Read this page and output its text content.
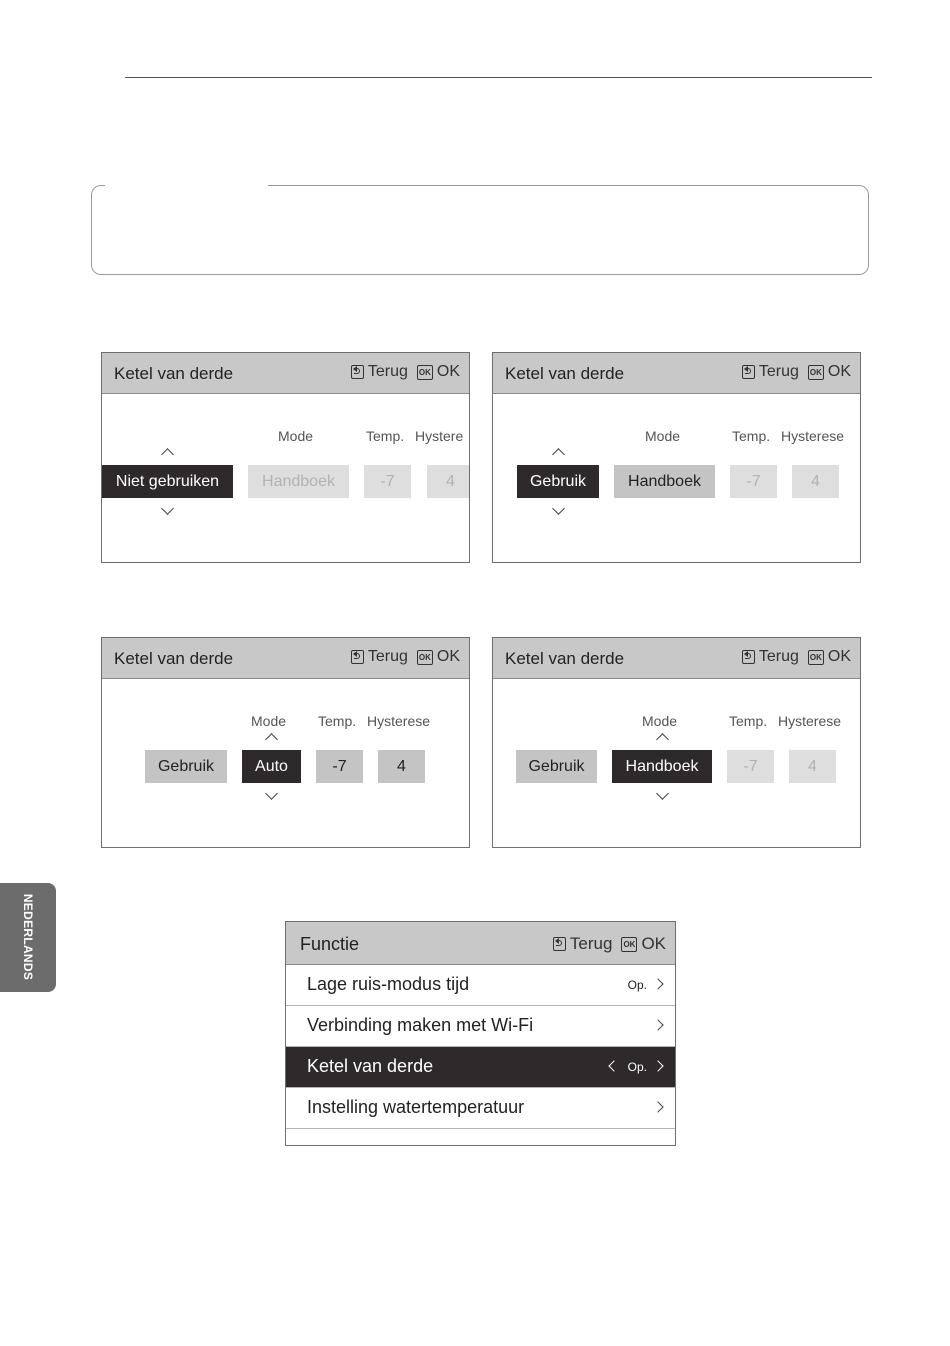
Ketel van derde	Terug OK OK
Mode	Temp. Hystere
Niet gebruiken	Handboek	-7	4
Ketel van derde	Terug OK OK
Mode	Temp. Hysterese
Gebruik	Handboek	-7	4
Ketel van derde	Terug OK OK
Mode Temp. Hysterese
Gebruik	Auto	-7	4
Ketel van derde	Terug OK OK
Mode	Temp. Hysterese
Gebruik	Handboek	-7	4
NEDERLANDS	Functie	Terug OK OK
Lage ruis-modus tijd	Op.
Verbinding maken met Wi-Fi
Ketel van derde	Op.
Instelling watertemperatuur
